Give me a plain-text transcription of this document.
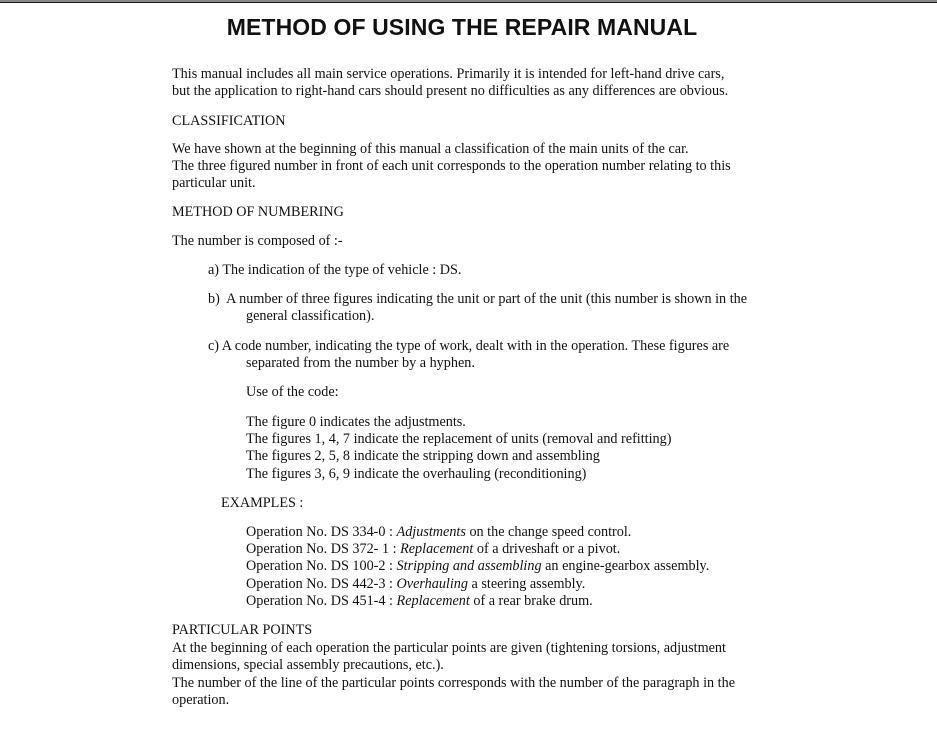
METHOD OF USING THE REPAIR MANUAL
This manual includes all main service operations. Primarily it is intended for left-hand drive cars,
but the application to right-hand cars should present no difficulties as any differences are obvious.
CLASSIFICATION
We have shown at the beginning of this manual a classification of the main units of the car.
The three figured number in front of each unit corresponds to the operation number relating to this
particular unit.
METHOD OF NUMBERING
The number is composed of :-
a) The indication of the type of vehicle : DS.
b) A number of three figures indicating the unit or part of the unit (this number is shown in the
general classification).
c) A code number, indicating the type of work, dealt with in the operation. These figures are
separated from the number by a hyphen.
Use of the code:
The figure 0 indicates the adjustments.
The figures 1, 4, 7 indicate the replacement of units (removal and refitting)
The figures 2, 5, 8 indicate the stripping down and assembling
The figures 3, 6, 9 indicate the overhauling (reconditioning)
EXAMPLES :
Operation No. DS 334-0 : Adjustments on the change speed control.
Operation No. DS 372- 1 : Replacement of a driveshaft or a pivot.
Operation No. DS 100-2 : Stripping and assembling an engine-gearbox assembly.
Operation No. DS 442-3 : Overhauling a steering assembly.
Operation No. DS 451-4 : Replacement of a rear brake drum.
PARTICULAR POINTS
At the beginning of each operation the particular points are given (tightening torsions, adjustment
dimensions, special assembly precautions, etc.).
The number of the line of the particular points corresponds with the number of the paragraph in the
operation.
